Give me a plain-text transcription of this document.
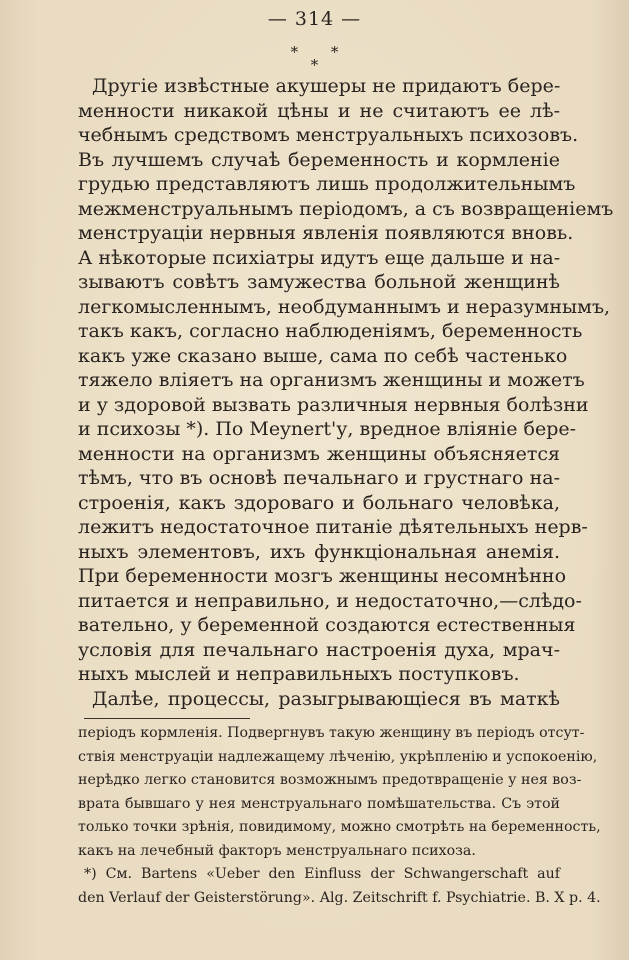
— 314 —
* *
*
Другіе извѣстные акушеры не придаютъ бере-
менности никакой цѣны и не считаютъ ее лѣ-
чебнымъ средствомъ менструальныхъ психозовъ.
Въ лучшемъ случаѣ беременность и кормленіе
грудью представляютъ лишь продолжительнымъ
межменструальнымъ періодомъ, а съ возвращеніемъ
менструаціи нервныя явленія появляются вновь.
А нѣкоторые психіатры идутъ еще дальше и на-
зываютъ совѣтъ замужества больной женщинѣ
легкомысленнымъ, необдуманнымъ и неразумнымъ,
такъ какъ, согласно наблюденіямъ, беременность
какъ уже сказано выше, сама по себѣ частенько
тяжело вліяетъ на организмъ женщины и можетъ
и у здоровой вызвать различныя нервныя болѣзни
и психозы *). По Meynert'у, вредное вліяніе бере-
менности на организмъ женщины объясняется
тѣмъ, что въ основѣ печальнаго и грустнаго на-
строенія, какъ здороваго и больнаго человѣка,
лежитъ недостаточное питаніе дѣятельныхъ нерв-
ныхъ элементовъ, ихъ функціональная анемія.
При беременности мозгъ женщины несомнѣнно
питается и неправильно, и недостаточно,—слѣдо-
вательно, у беременной создаются естественныя
условія для печальнаго настроенія духа, мрач-
ныхъ мыслей и неправильныхъ поступковъ.
Далѣе, процессы, разыгрывающіеся въ маткѣ
періодъ кормленія. Подвергнувъ такую женщину въ періодъ отсут-
ствія менструаціи надлежащему лѣченію, укрѣпленію и успокоенію,
нерѣдко легко становится возможнымъ предотвращеніе у нея воз-
врата бывшаго у нея менструальнаго помѣшательства. Съ этой
только точки зрѣнія, повидимому, можно смотрѣть на беременность,
какъ на лечебный факторъ менструальнаго психоза.
*) См. Bartens «Ueber den Einfluss der Schwangerschaft auf
den Verlauf der Geisterstörung». Alg. Zeitschrift f. Psychiatrie. B. X p. 4.
